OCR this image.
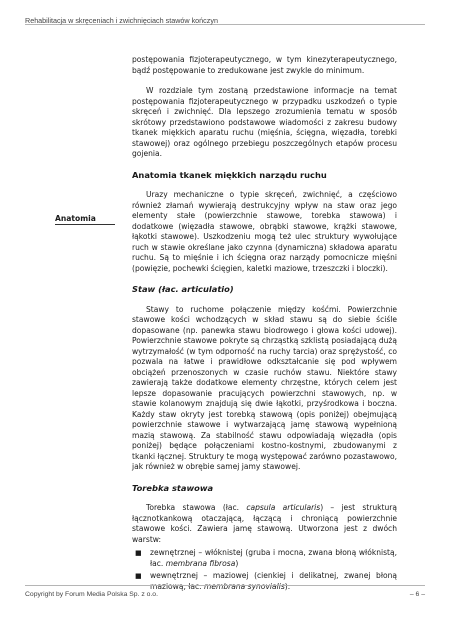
Rehabilitacja w skręceniach i zwichnięciach stawów kończyn
Anatomia

postępowania fizjoterapeutycznego, w tym kinezyterapeutycznego, bądź postępowanie to zredukowane jest zwykle do minimum.

W rozdziale tym zostaną przedstawione informacje na temat postępowania fizjoterapeutycznego w przypadku uszkodzeń o typie skręceń i zwichnięć. Dla lepszego zrozumienia tematu w sposób skrótowy przedstawiono podstawowe wiadomości z zakresu budowy tkanek miękkich aparatu ruchu (mięśnia, ścięgna, więzadła, torebki stawowej) oraz ogólnego przebiegu poszczególnych etapów procesu gojenia.

Anatomia tkanek miękkich narządu ruchu

Urazy mechaniczne o typie skręceń, zwichnięć, a częściowo również złamań wywierają destrukcyjny wpływ na staw oraz jego elementy stałe (powierzchnie stawowe, torebka stawowa) i dodatkowe (więzadła stawowe, obrąbki stawowe, krążki stawowe, łąkotki stawowe). Uszkodzeniu mogą też ulec struktury wywołujące ruch w stawie określane jako czynna (dynamiczna) składowa aparatu ruchu. Są to mięśnie i ich ścięgna oraz narządy pomocnicze mięśni (powięzie, pochewki ścięgien, kaletki maziowe, trzeszczki i bloczki).

Staw (łac. articulatio)

Stawy to ruchome połączenie między kośćmi. Powierzchnie stawowe kości wchodzących w skład stawu są do siebie ściśle dopasowane (np. panewka stawu biodrowego i głowa kości udowej). Powierzchnie stawowe pokryte są chrząstką szklistą posiadającą dużą wytrzymałość (w tym odporność na ruchy tarcia) oraz sprężystość, co pozwala na łatwe i prawidłowe odkształcanie się pod wpływem obciążeń przenoszonych w czasie ruchów stawu. Niektóre stawy zawierają także dodatkowe elementy chrzęstne, których celem jest lepsze dopasowanie pracujących powierzchni stawowych, np. w stawie kolanowym znajdują się dwie łąkotki, przyśrodkowa i boczna. Każdy staw okryty jest torebką stawową (opis poniżej) obejmującą powierzchnie stawowe i wytwarzającą jamę stawową wypełnioną mazią stawową. Za stabilność stawu odpowiadają więzadła (opis poniżej) będące połączeniami kostno-kostnymi, zbudowanymi z tkanki łącznej. Struktury te mogą występować zarówno pozastawowo, jak również w obrębie samej jamy stawowej.

Torebka stawowa

Torebka stawowa (łac. capsula articularis) – jest strukturą łącznotkankową otaczającą, łączącą i chroniącą powierzchnie stawowe kości. Zawiera jamę stawową. Utworzona jest z dwóch warstw:

■ zewnętrznej – włóknistej (gruba i mocna, zwana błoną włóknistą, łac. membrana fibrosa)
■ wewnętrznej – maziowej (cienkiej i delikatnej, zwanej błoną maziową, łac. membrana synovialis).
Copyright by Forum Media Polska Sp. z o.o.	– 6 –
